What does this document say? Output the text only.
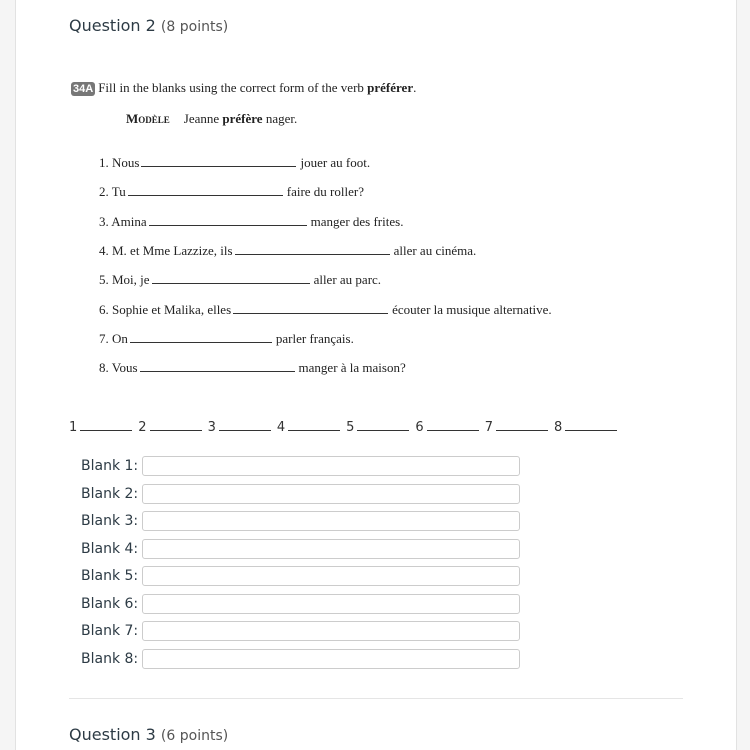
Question 2 (8 points)
34A Fill in the blanks using the correct form of the verb préférer.
Modèle Jeanne préfère nager.
1. Nous	jouer au foot.
2. Tu	faire du roller?
3. Amina	manger des frites.
4. M. et Mme Lazzize, ils	aller au cinéma.
5. Moi, je	aller au parc.
6. Sophie et Malika, elles	écouter la musique alternative.
7. On	parler français.
8. Vous	manger à la maison?
1	2	3	4	5	6	7	8
Blank 1:
Blank 2:
Blank 3:
Blank 4:
Blank 5:
Blank 6:
Blank 7:
Blank 8:
Question 3 (6 points)
